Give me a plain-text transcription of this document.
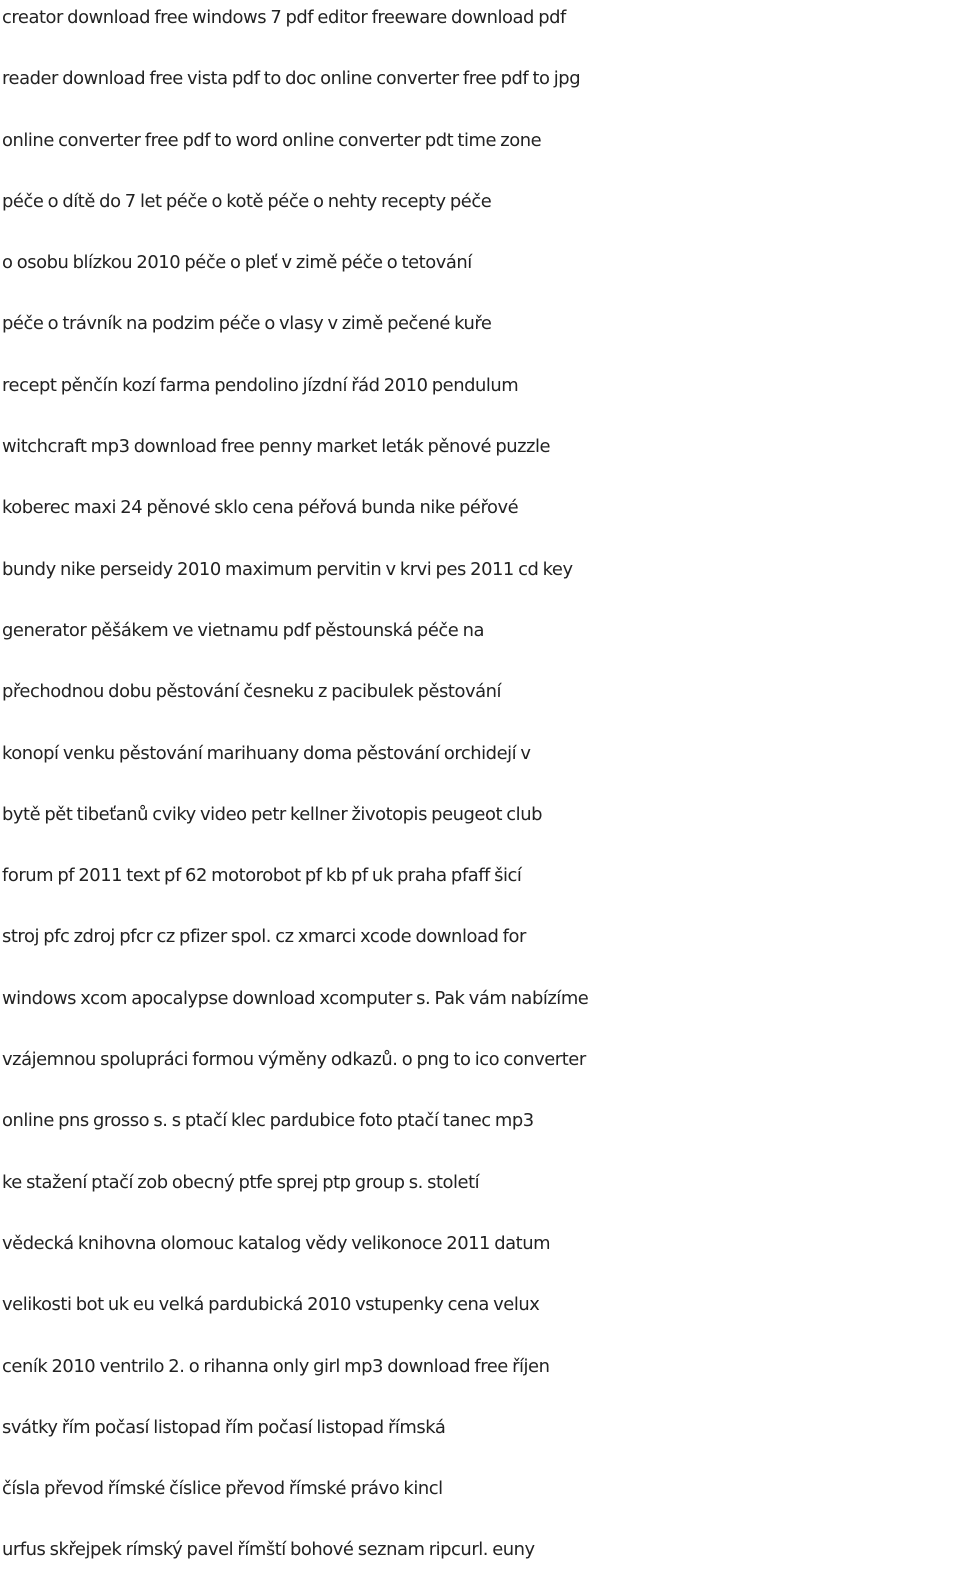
creator download free windows 7 pdf editor freeware download pdf
reader download free vista pdf to doc online converter free pdf to jpg
online converter free pdf to word online converter pdt time zone
péče o dítě do 7 let péče o kotě péče o nehty recepty péče
o osobu blízkou 2010 péče o pleť v zimě péče o tetování
péče o trávník na podzim péče o vlasy v zimě pečené kuře
recept pěnčín kozí farma pendolino jízdní řád 2010 pendulum
witchcraft mp3 download free penny market leták pěnové puzzle
koberec maxi 24 pěnové sklo cena péřová bunda nike péřové
bundy nike perseidy 2010 maximum pervitin v krvi pes 2011 cd key
generator pěšákem ve vietnamu pdf pěstounská péče na
přechodnou dobu pěstování česneku z pacibulek pěstování
konopí venku pěstování marihuany doma pěstování orchidejí v
bytě pět tibeťanů cviky video petr kellner životopis peugeot club
forum pf 2011 text pf 62 motorobot pf kb pf uk praha pfaff šicí
stroj pfc zdroj pfcr cz pfizer spol. cz xmarci xcode download for
windows xcom apocalypse download xcomputer s. Pak vám nabízíme
vzájemnou spolupráci formou výměny odkazů. o png to ico converter
online pns grosso s. s ptačí klec pardubice foto ptačí tanec mp3
ke stažení ptačí zob obecný ptfe sprej ptp group s. století
vědecká knihovna olomouc katalog vědy velikonoce 2011 datum
velikosti bot uk eu velká pardubická 2010 vstupenky cena velux
ceník 2010 ventrilo 2. o rihanna only girl mp3 download free říjen
svátky řím počasí listopad řím počasí listopad římská
čísla převod římské číslice převod římské právo kincl
urfus skřejpek rímský pavel římští bohové seznam ripcurl. euny
